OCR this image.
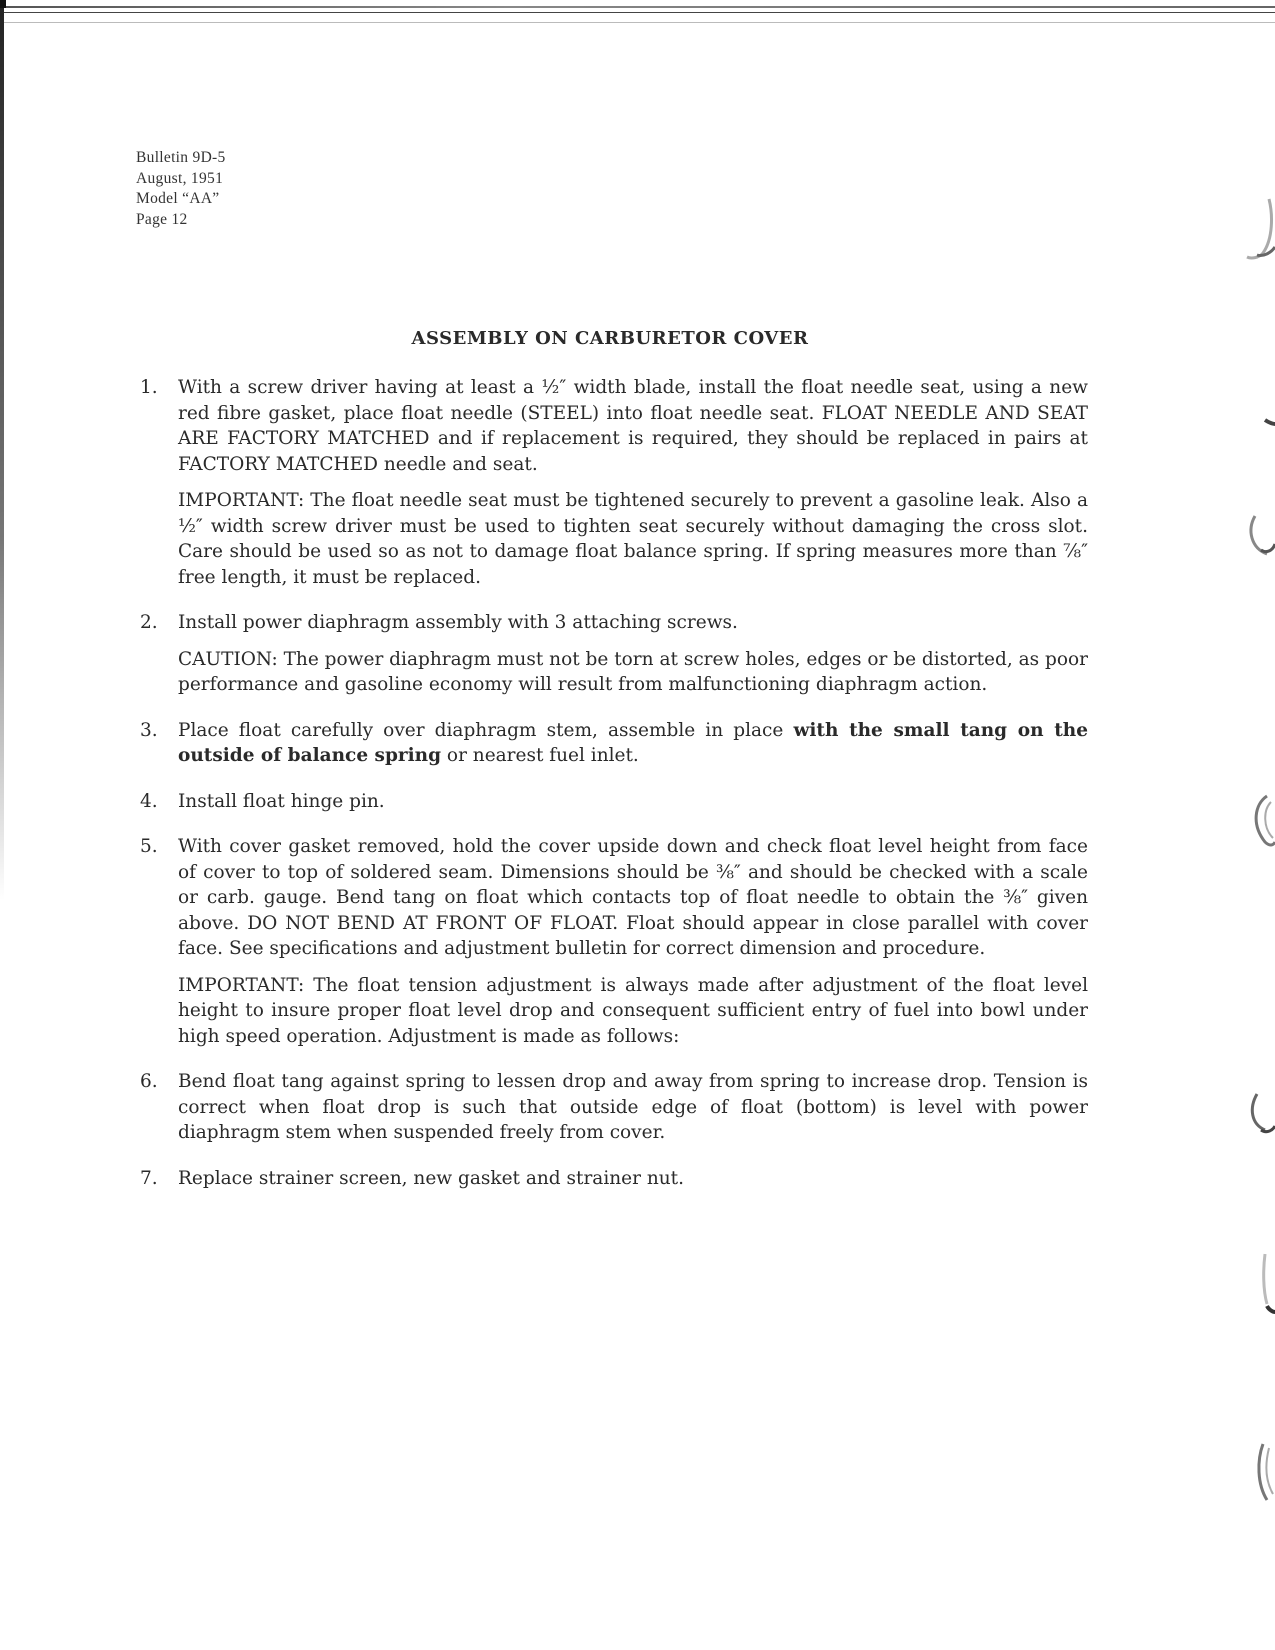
Bulletin 9D-5
August, 1951
Model “AA”
Page 12
ASSEMBLY ON CARBURETOR COVER
1.	With a screw driver having at least a ½″ width blade, install the float needle seat, using a new red fibre gasket, place float needle (STEEL) into float needle seat. FLOAT NEEDLE AND SEAT ARE FACTORY MATCHED and if replacement is required, they should be replaced in pairs at FACTORY MATCHED needle and seat.

IMPORTANT: The float needle seat must be tightened securely to prevent a gasoline leak. Also a ½″ width screw driver must be used to tighten seat securely without damaging the cross slot. Care should be used so as not to damage float balance spring. If spring measures more than ⅞″ free length, it must be replaced.

2.	Install power diaphragm assembly with 3 attaching screws.

CAUTION: The power diaphragm must not be torn at screw holes, edges or be distorted, as poor performance and gasoline economy will result from malfunctioning diaphragm action.

3.	Place float carefully over diaphragm stem, assemble in place with the small tang on the outside of balance spring or nearest fuel inlet.

4.	Install float hinge pin.

5.	With cover gasket removed, hold the cover upside down and check float level height from face of cover to top of soldered seam. Dimensions should be ⅜″ and should be checked with a scale or carb. gauge. Bend tang on float which contacts top of float needle to obtain the ⅜″ given above. DO NOT BEND AT FRONT OF FLOAT. Float should appear in close parallel with cover face. See specifications and adjustment bulletin for correct dimension and procedure.

IMPORTANT: The float tension adjustment is always made after adjustment of the float level height to insure proper float level drop and consequent sufficient entry of fuel into bowl under high speed operation. Adjustment is made as follows:

6.	Bend float tang against spring to lessen drop and away from spring to increase drop. Tension is correct when float drop is such that outside edge of float (bottom) is level with power diaphragm stem when suspended freely from cover.

7.	Replace strainer screen, new gasket and strainer nut.
